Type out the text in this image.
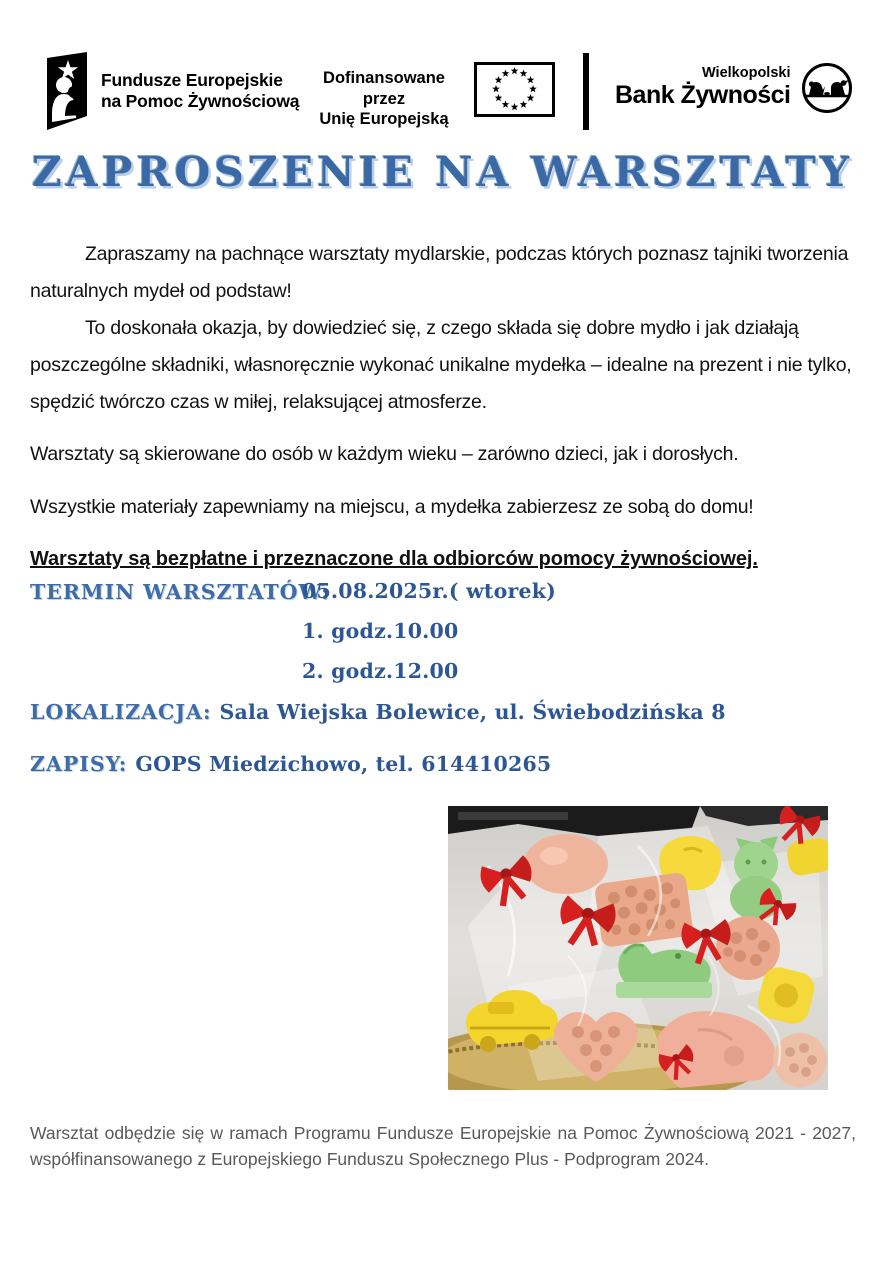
Fundusze Europejskie
na Pomoc Żywnościową
Dofinansowane przez
Unię Europejską
Wielkopolski
Bank Żywności
ZAPROSZENIE NA WARSZTATY

Zapraszamy na pachnące warsztaty mydlarskie, podczas których poznasz tajniki tworzenia naturalnych mydeł od podstaw!

To doskonała okazja, by dowiedzieć się, z czego składa się dobre mydło i jak działają poszczególne składniki, własnoręcznie wykonać unikalne mydełka – idealne na prezent i nie tylko, spędzić twórczo czas w miłej, relaksującej atmosferze.

Warsztaty są skierowane do osób w każdym wieku – zarówno dzieci, jak i dorosłych.

Wszystkie materiały zapewniamy na miejscu, a mydełka zabierzesz ze sobą do domu!

Warsztaty są bezpłatne i przeznaczone dla odbiorców pomocy żywnościowej.

TERMIN WARSZTATÓW:
05.08.2025r.( wtorek)
1. godz.10.00
2. godz.12.00
LOKALIZACJA: Sala Wiejska Bolewice, ul. Świebodzińska 8
ZAPISY: GOPS Miedzichowo, tel. 614410265

Warsztat odbędzie się w ramach Programu Fundusze Europejskie na Pomoc Żywnościową 2021 - 2027, współfinansowanego z Europejskiego Funduszu Społecznego Plus - Podprogram 2024.
